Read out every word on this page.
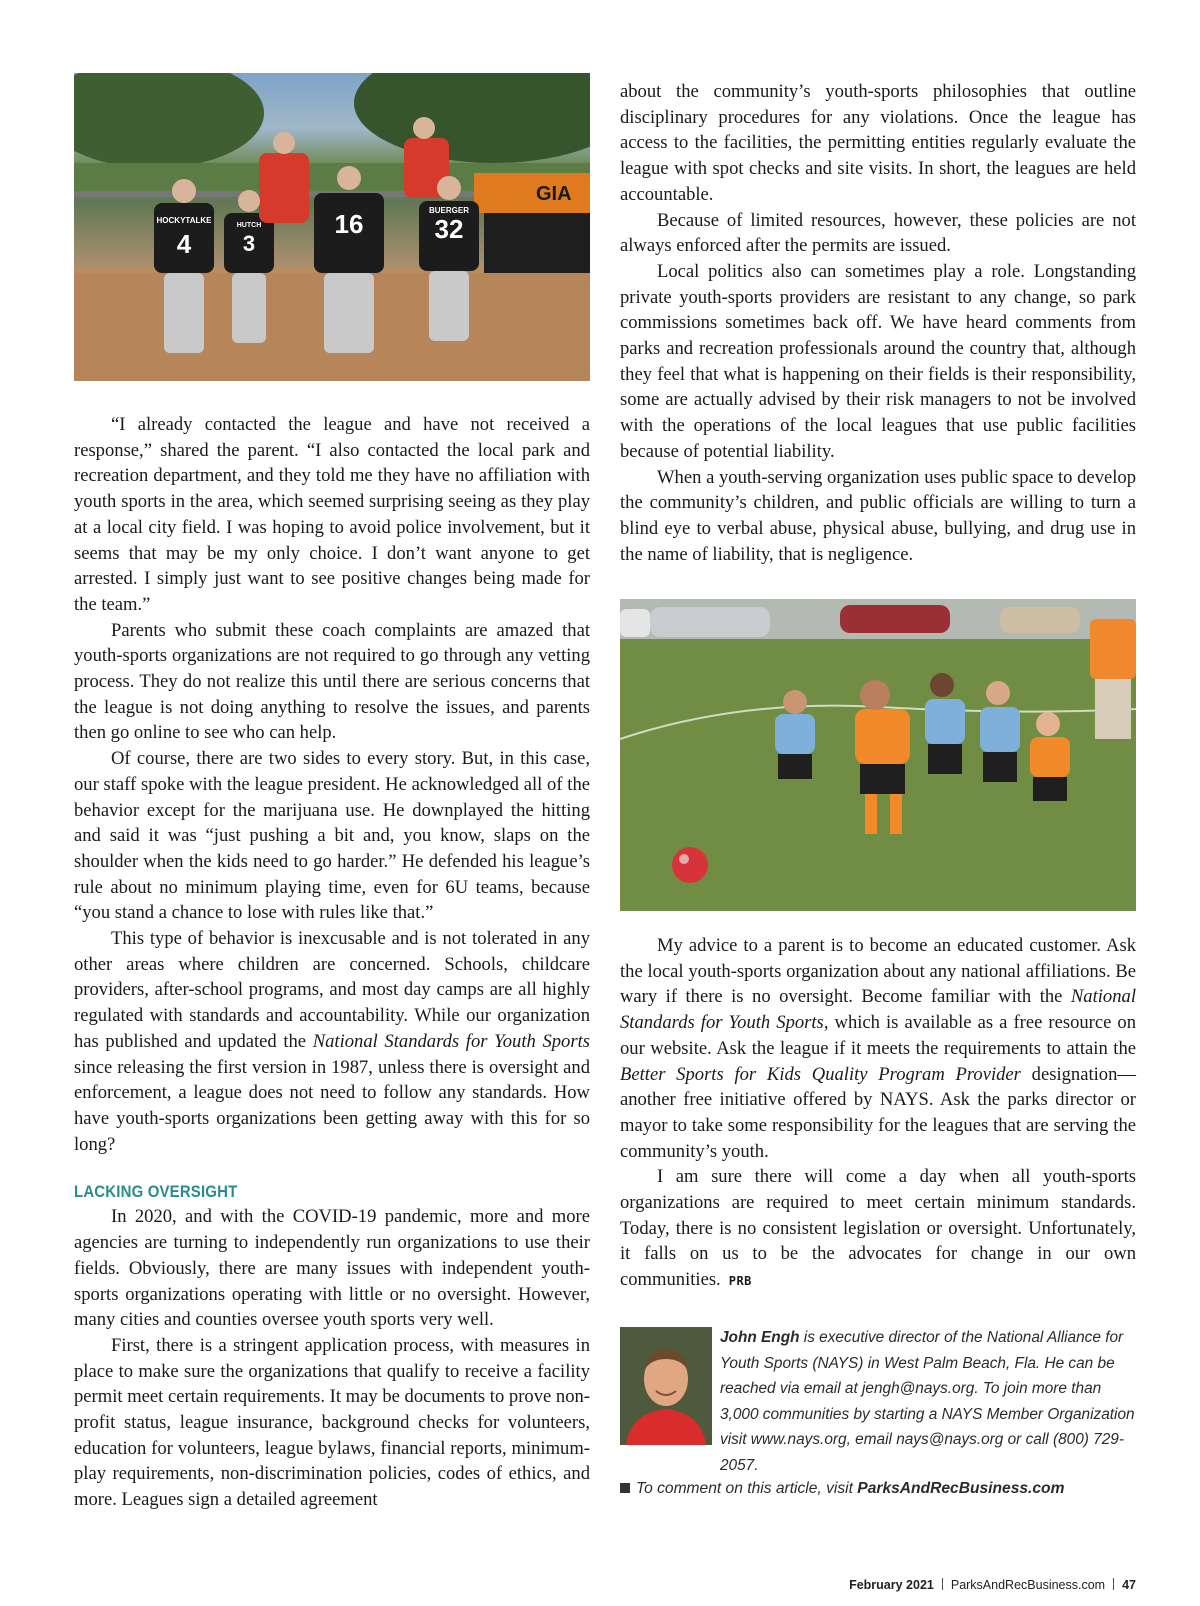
GIA
4 3
16	32
HOCKYTALKE
HUTCH
BUERGER

“I already contacted the league and have not received a response,” shared the parent. “I also contacted the local park and recreation department, and they told me they have no affiliation with youth sports in the area, which seemed surprising seeing as they play at a local city field. I was hoping to avoid police involvement, but it seems that may be my only choice. I don’t want anyone to get arrested. I simply just want to see positive changes being made for the team.”

Parents who submit these coach complaints are amazed that youth-sports organizations are not required to go through any vetting process. They do not realize this until there are serious concerns that the league is not doing anything to resolve the issues, and parents then go online to see who can help.

Of course, there are two sides to every story. But, in this case, our staff spoke with the league president. He acknowledged all of the behavior except for the marijuana use. He downplayed the hitting and said it was “just pushing a bit and, you know, slaps on the shoulder when the kids need to go harder.” He defended his league’s rule about no minimum playing time, even for 6U teams, because “you stand a chance to lose with rules like that.”

This type of behavior is inexcusable and is not tolerated in any other areas where children are concerned. Schools, childcare providers, after-school programs, and most day camps are all highly regulated with standards and accountability. While our organization has published and updated the National Standards for Youth Sports since releasing the first version in 1987, unless there is oversight and enforcement, a league does not need to follow any standards. How have youth-sports organizations been getting away with this for so long?

LACKING OVERSIGHT

In 2020, and with the COVID-19 pandemic, more and more agencies are turning to independently run organizations to use their fields. Obviously, there are many issues with independent youth-sports organizations operating with little or no oversight. However, many cities and counties oversee youth sports very well.

First, there is a stringent application process, with measures in place to make sure the organizations that qualify to receive a facility permit meet certain requirements. It may be documents to prove non-profit status, league insurance, background checks for volunteers, education for volunteers, league bylaws, financial reports, minimum-play requirements, non-discrimination policies, codes of ethics, and more. Leagues sign a detailed agreement

about the community’s youth-sports philosophies that outline disciplinary procedures for any violations. Once the league has access to the facilities, the permitting entities regularly evaluate the league with spot checks and site visits. In short, the leagues are held accountable.

Because of limited resources, however, these policies are not always enforced after the permits are issued.

Local politics also can sometimes play a role. Longstanding private youth-sports providers are resistant to any change, so park commissions sometimes back off. We have heard comments from parks and recreation professionals around the country that, although they feel that what is happening on their fields is their responsibility, some are actually advised by their risk managers to not be involved with the operations of the local leagues that use public facilities because of potential liability.

When a youth-serving organization uses public space to develop the community’s children, and public officials are willing to turn a blind eye to verbal abuse, physical abuse, bullying, and drug use in the name of liability, that is negligence.

My advice to a parent is to become an educated customer. Ask the local youth-sports organization about any national affiliations. Be wary if there is no oversight. Become familiar with the National Standards for Youth Sports, which is available as a free resource on our website. Ask the league if it meets the requirements to attain the Better Sports for Kids Quality Program Provider designation—another free initiative offered by NAYS. Ask the parks director or mayor to take some responsibility for the leagues that are serving the community’s youth.

I am sure there will come a day when all youth-sports organizations are required to meet certain minimum standards. Today, there is no consistent legislation or oversight. Unfortunately, it falls on us to be the advocates for change in our own communities. PRB

John Engh is executive director of the National Alliance for Youth Sports (NAYS) in West Palm Beach, Fla. He can be reached via email at jengh@nays.org. To join more than 3,000 communities by starting a NAYS Member Organization visit www.nays.org, email nays@nays.org or call (800) 729-2057.
To comment on this article, visit ParksAndRecBusiness.com
February 2021 ParksAndRecBusiness.com 47
